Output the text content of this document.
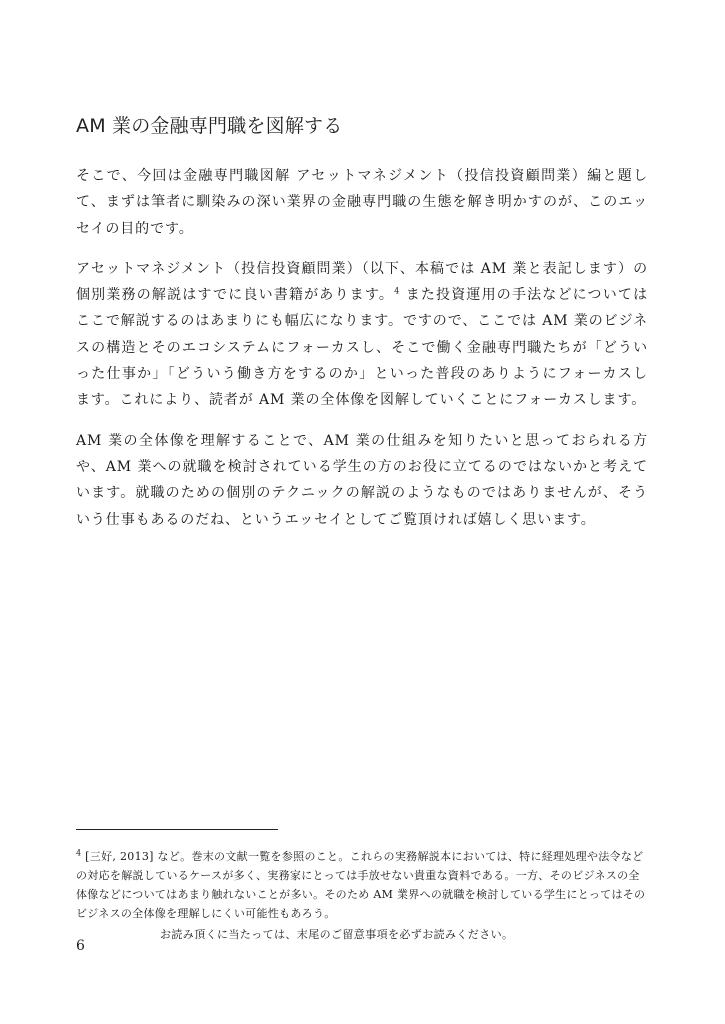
AM 業の金融専門職を図解する

そこで、今回は金融専門職図解 アセットマネジメント（投信投資顧問業）編と題して、まずは筆者に馴染みの深い業界の金融専門職の生態を解き明かすのが、このエッセイの目的です。

アセットマネジメント（投信投資顧問業）（以下、本稿では AM 業と表記します）の個別業務の解説はすでに良い書籍があります。$^4$ また投資運用の手法などについてはここで解説するのはあまりにも幅広になります。ですので、ここでは AM 業のビジネスの構造とそのエコシステムにフォーカスし、そこで働く金融専門職たちが「どういった仕事か」「どういう働き方をするのか」といった普段のありようにフォーカスします。これにより、読者が AM 業の全体像を図解していくことにフォーカスします。

AM 業の全体像を理解することで、AM 業の仕組みを知りたいと思っておられる方や、AM 業への就職を検討されている学生の方のお役に立てるのではないかと考えています。就職のための個別のテクニックの解説のようなものではありませんが、そういう仕事もあるのだね、というエッセイとしてご覧頂ければ嬉しく思います。

$^4$ [三好, 2013] など。巻末の文献一覧を参照のこと。これらの実務解説本においては、特に経理処理や法令などの対応を解説しているケースが多く、実務家にとっては手放せない貴重な資料である。一方、そのビジネスの全体像などについてはあまり触れないことが多い。そのため AM 業界への就職を検討している学生にとってはそのビジネスの全体像を理解しにくい可能性もあろう。

お読み頂くに当たっては、末尾のご留意事項を必ずお読みください。

6
